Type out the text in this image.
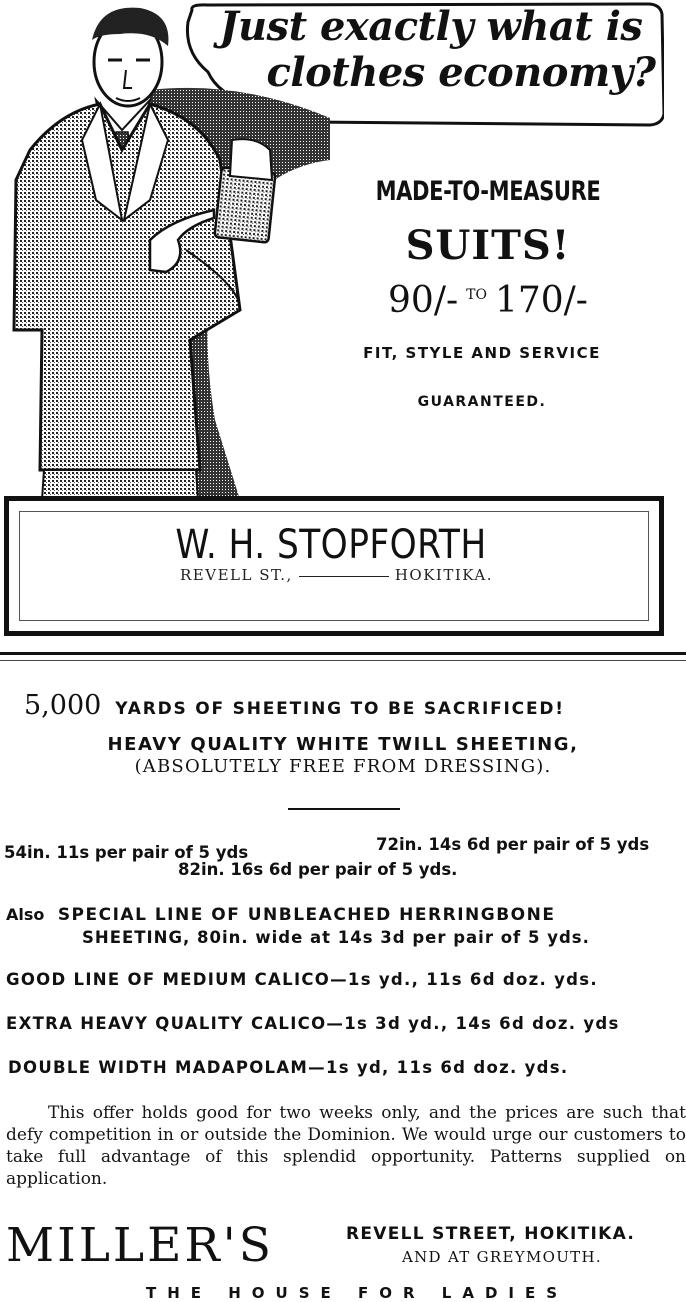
Just exactly what is
clothes economy?
MADE-TO-MEASURE
SUITS!
90/- $^{TO}$ 170/-
FIT, STYLE AND SERVICE
GUARANTEED.
W. H. STOPFORTH
REVELL ST.,	HOKITIKA.
5,000 YARDS OF SHEETING TO BE SACRIFICED!
HEAVY QUALITY WHITE TWILL SHEETING,
(ABSOLUTELY FREE FROM DRESSING).
54in. 11s per pair of 5 yds	72in. 14s 6d per pair of 5 yds
82in. 16s 6d per pair of 5 yds.
Also SPECIAL LINE OF UNBLEACHED HERRINGBONE
SHEETING, 80in. wide at 14s 3d per pair of 5 yds.
GOOD LINE OF MEDIUM CALICO—1s yd., 11s 6d doz. yds.
EXTRA HEAVY QUALITY CALICO—1s 3d yd., 14s 6d doz. yds
DOUBLE WIDTH MADAPOLAM—1s yd, 11s 6d doz. yds.
This offer holds good for two weeks only, and the prices are such that defy competition in or outside the Dominion. We would urge our customers to take full advantage of this splendid opportunity. Patterns supplied on application.
MILLER'S	REVELL STREET, HOKITIKA.
AND AT GREYMOUTH.
THE HOUSE FOR LADIES
